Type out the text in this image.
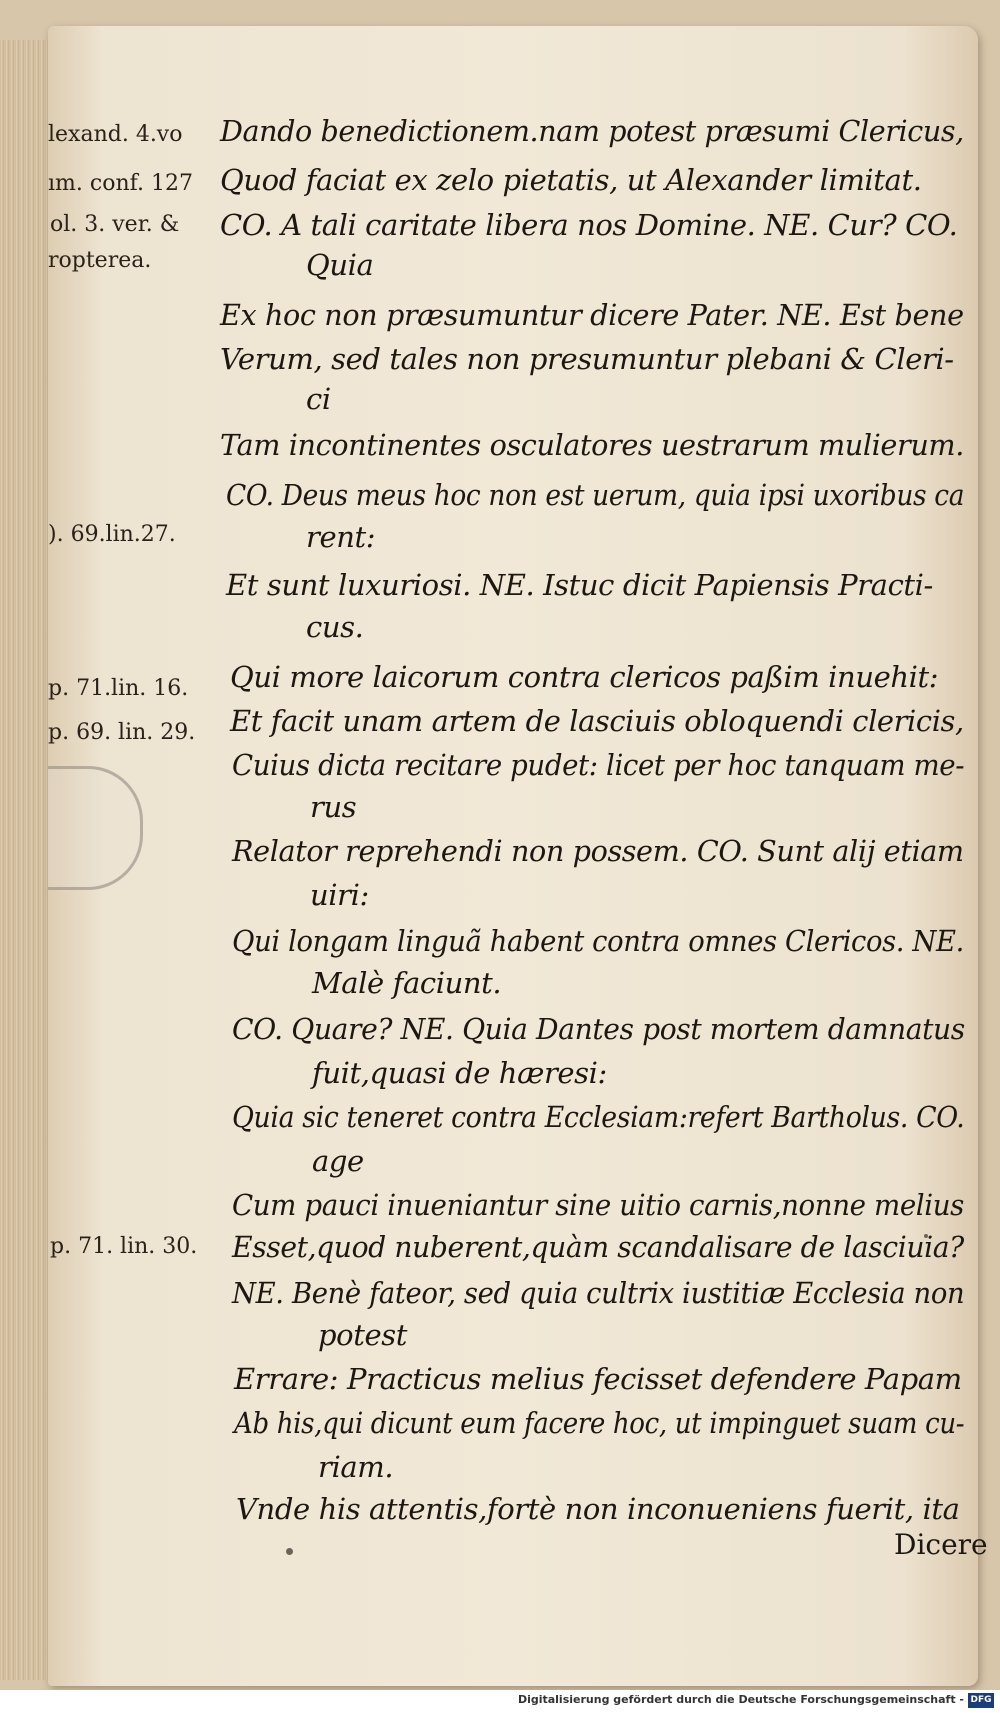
lexand. 4.vo
ım. conf. 127
ol. 3. ver. &
ropterea.
). 69.lin.27.
p. 71.lin. 16.
p. 69. lin. 29.
p. 71. lin. 30.
Dando benedictionem.nam potest præsumi Clericus,
Quod faciat ex zelo pietatis, ut Alexander limitat.
CO. A tali caritate libera nos Domine. NE. Cur? CO.
Quia
Ex hoc non præsumuntur dicere Pater. NE. Est bene
Verum, sed tales non presumuntur plebani & Cleri-
ci
Tam incontinentes osculatores uestrarum mulierum.
CO. Deus meus hoc non est uerum, quia ipsi uxoribus ca
rent:
Et sunt luxuriosi. NE. Istuc dicit Papiensis Practi-
cus.
Qui more laicorum contra clericos paßim inuehit:
Et facit unam artem de lasciuis obloquendi clericis,
Cuius dicta recitare pudet: licet per hoc tanquam me-
rus
Relator reprehendi non possem. CO. Sunt alij etiam
uiri:
Qui longam linguã habent contra omnes Clericos. NE.
Malè faciunt.
CO. Quare? NE. Quia Dantes post mortem damnatus
fuit,quasi de hæresi:
Quia sic teneret contra Ecclesiam:refert Bartholus. CO.
age
Cum pauci inueniantur sine uitio carnis,nonne melius
Esset,quod nuberent,quàm scandalisare de lasciuia?
NE. Benè fateor, sed quia cultrix iustitiæ Ecclesia non
potest
Errare: Practicus melius fecisset defendere Papam
Ab his,qui dicunt eum facere hoc, ut impinguet suam cu-
riam.
Vnde his attentis,fortè non inconueniens fuerit, ita
Dicere
Digitalisierung gefördert durch die Deutsche Forschungsgemeinschaft - DFG
